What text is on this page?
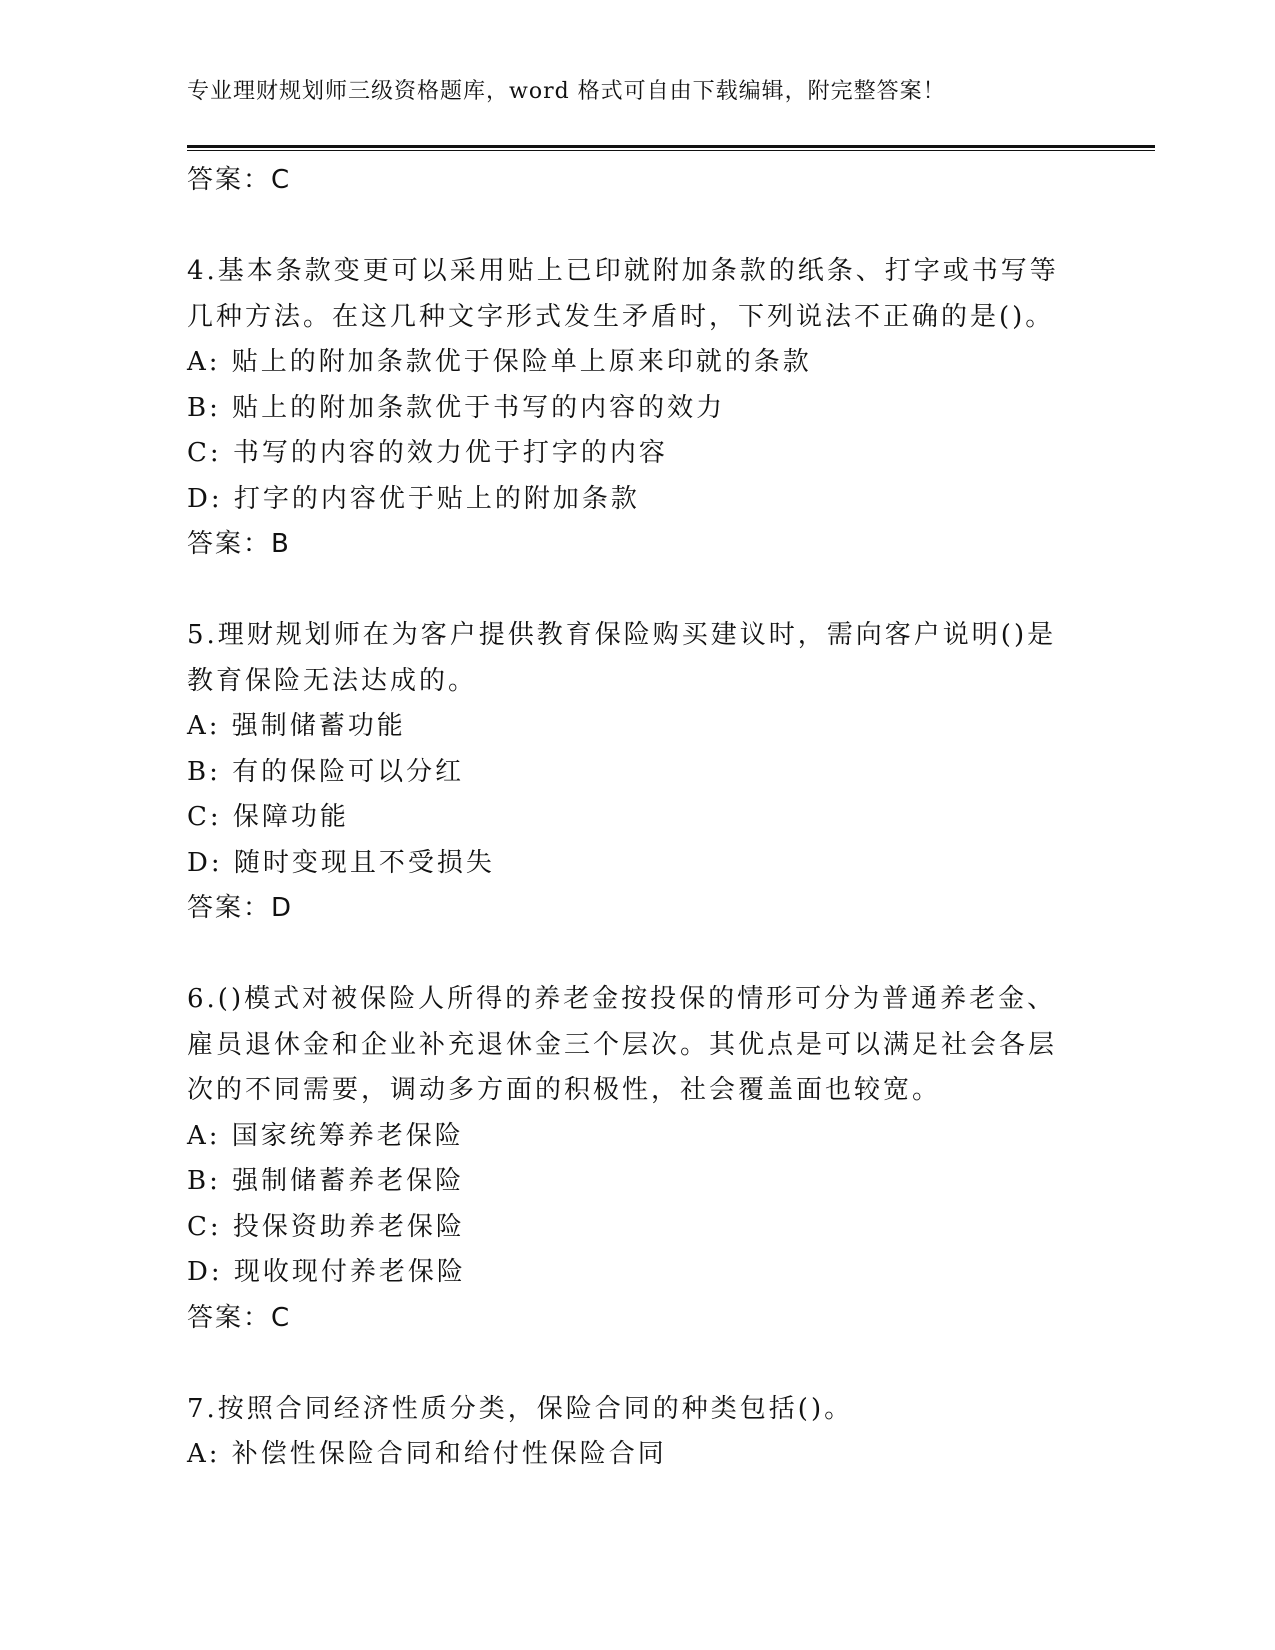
专业理财规划师三级资格题库，word 格式可自由下载编辑，附完整答案！
答案：C
4.基本条款变更可以采用贴上已印就附加条款的纸条、打字或书写等
几种方法。在这几种文字形式发生矛盾时，下列说法不正确的是()。
A: 贴上的附加条款优于保险单上原来印就的条款
B: 贴上的附加条款优于书写的内容的效力
C: 书写的内容的效力优于打字的内容
D: 打字的内容优于贴上的附加条款
答案：B
5.理财规划师在为客户提供教育保险购买建议时，需向客户说明()是
教育保险无法达成的。
A: 强制储蓄功能
B: 有的保险可以分红
C: 保障功能
D: 随时变现且不受损失
答案：D
6.()模式对被保险人所得的养老金按投保的情形可分为普通养老金、
雇员退休金和企业补充退休金三个层次。其优点是可以满足社会各层
次的不同需要，调动多方面的积极性，社会覆盖面也较宽。
A: 国家统筹养老保险
B: 强制储蓄养老保险
C: 投保资助养老保险
D: 现收现付养老保险
答案：C
7.按照合同经济性质分类，保险合同的种类包括()。
A: 补偿性保险合同和给付性保险合同
